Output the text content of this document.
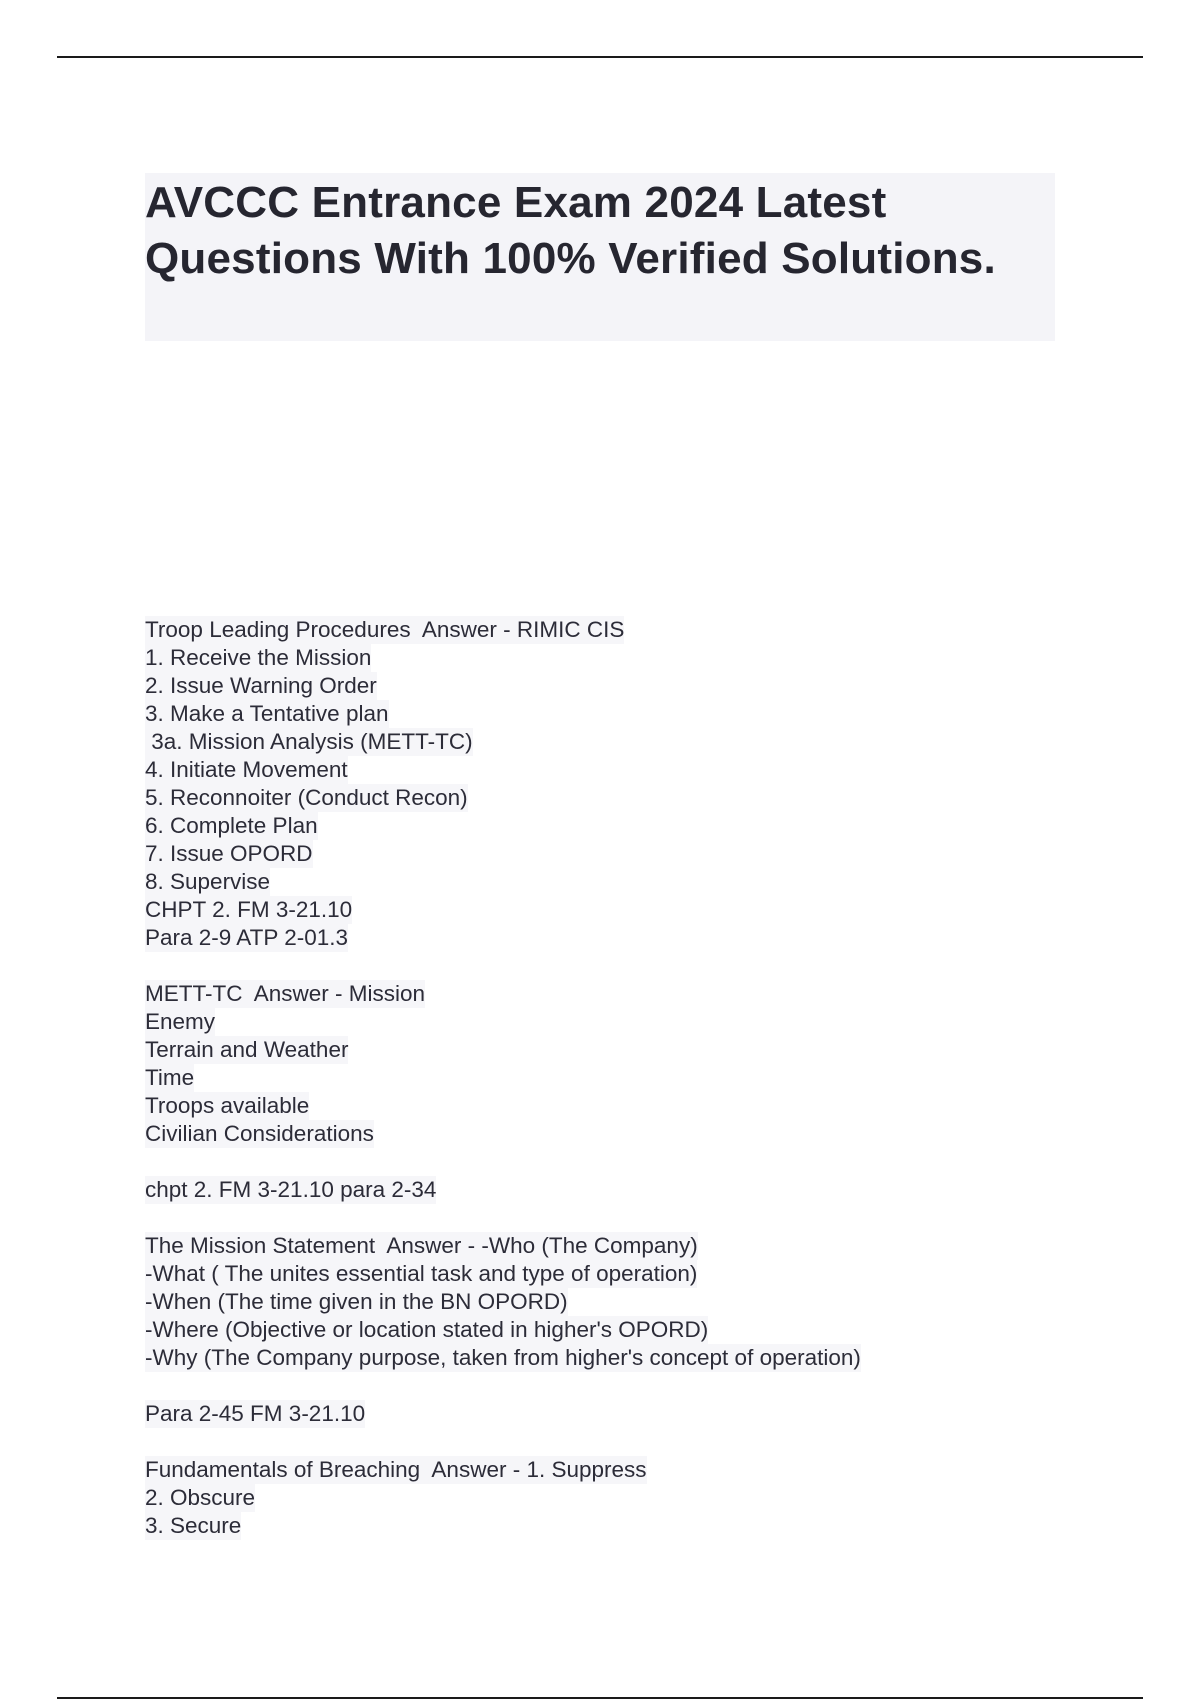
AVCCC Entrance Exam 2024 Latest Questions With 100% Verified Solutions.
Troop Leading Procedures  Answer - RIMIC CIS
1. Receive the Mission
2. Issue Warning Order
3. Make a Tentative plan
3a. Mission Analysis (METT-TC)
4. Initiate Movement
5. Reconnoiter (Conduct Recon)
6. Complete Plan
7. Issue OPORD
8. Supervise
CHPT 2. FM 3-21.10
Para 2-9 ATP 2-01.3
METT-TC  Answer - Mission
Enemy
Terrain and Weather
Time
Troops available
Civilian Considerations
chpt 2. FM 3-21.10 para 2-34
The Mission Statement  Answer - -Who (The Company)
-What ( The unites essential task and type of operation)
-When (The time given in the BN OPORD)
-Where (Objective or location stated in higher's OPORD)
-Why (The Company purpose, taken from higher's concept of operation)
Para 2-45 FM 3-21.10
Fundamentals of Breaching  Answer - 1. Suppress
2. Obscure
3. Secure
